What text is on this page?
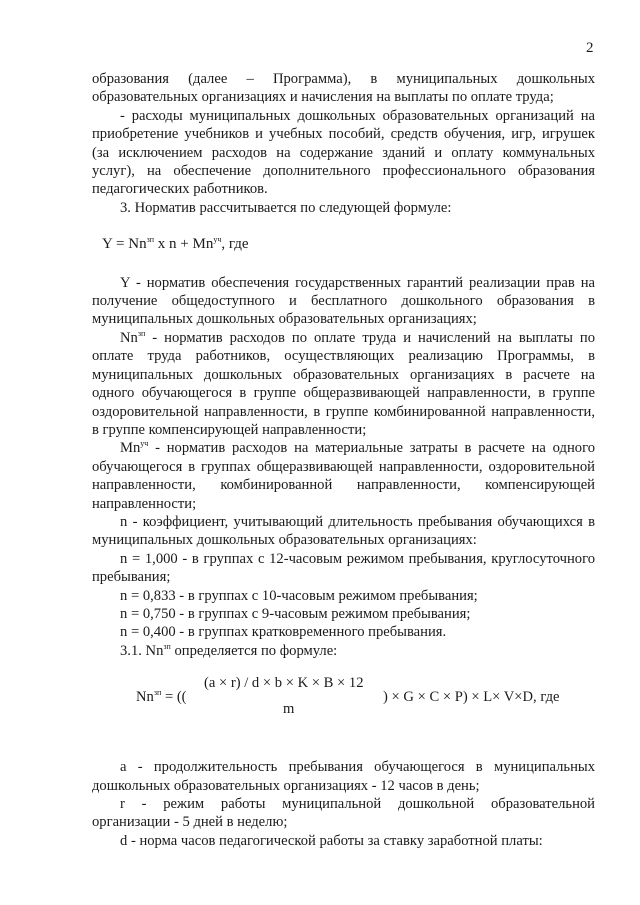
2

образования (далее – Программа), в муниципальных дошкольных образовательных организациях и начисления на выплаты по оплате труда;

- расходы муниципальных дошкольных образовательных организаций на приобретение учебников и учебных пособий, средств обучения, игр, игрушек (за исключением расходов на содержание зданий и оплату коммунальных услуг), на обеспечение дополнительного профессионального образования педагогических работников.

3. Норматив рассчитывается по следующей формуле:

$Y = Nn^{зп}$ х $n + Mn^{уч}$, где

Y - норматив обеспечения государственных гарантий реализации прав на получение общедоступного и бесплатного дошкольного образования в муниципальных дошкольных образовательных организациях;

$Nn^{зп}$ - норматив расходов по оплате труда и начислений на выплаты по оплате труда работников, осуществляющих реализацию Программы, в муниципальных дошкольных образовательных организациях в расчете на одного обучающегося в группе общеразвивающей направленности, в группе оздоровительной направленности, в группе комбинированной направленности, в группе компенсирующей направленности;

$Mn^{уч}$ - норматив расходов на материальные затраты в расчете на одного обучающегося в группах общеразвивающей направленности, оздоровительной направленности, комбинированной направленности, компенсирующей направленности;

n - коэффициент, учитывающий длительность пребывания обучающихся в муниципальных дошкольных образовательных организациях:

n = 1,000 - в группах с 12-часовым режимом пребывания, круглосуточного пребывания;

n = 0,833 - в группах с 10-часовым режимом пребывания;

n = 0,750 - в группах с 9-часовым режимом пребывания;

n = 0,400 - в группах кратковременного пребывания.

3.1. $Nn^{зп}$ определяется по формуле:

$Nn^{зп}$ = ((
(a × r) / d × b × K × B × 12
m
) × G × C × P) × L× V×D, где

a - продолжительность пребывания обучающегося в муниципальных дошкольных образовательных организациях - 12 часов в день;

r - режим работы муниципальной дошкольной образовательной организации - 5 дней в неделю;

d - норма часов педагогической работы за ставку заработной платы:
